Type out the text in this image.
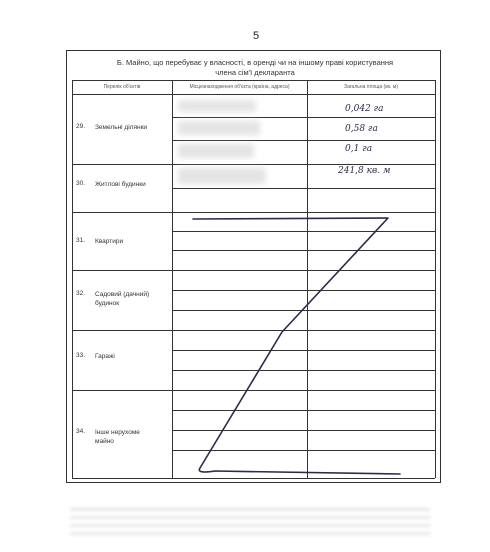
5
Б. Майно, що перебуває у власності, в оренді чи на іншому праві користування
члена сім'ї декларанта
Перелік об'єктів	Місцезнаходження об'єкта (країна, адреса)	Загальна площа (кв. м)
29. Земельні ділянки
30. Житлові будинки
31. Квартири
32. Садовий (дачний) будинок
33. Гаражі
34. Інше нерухоме майно
0,042 га
0,58 га
0,1 га
241,8 кв. м
